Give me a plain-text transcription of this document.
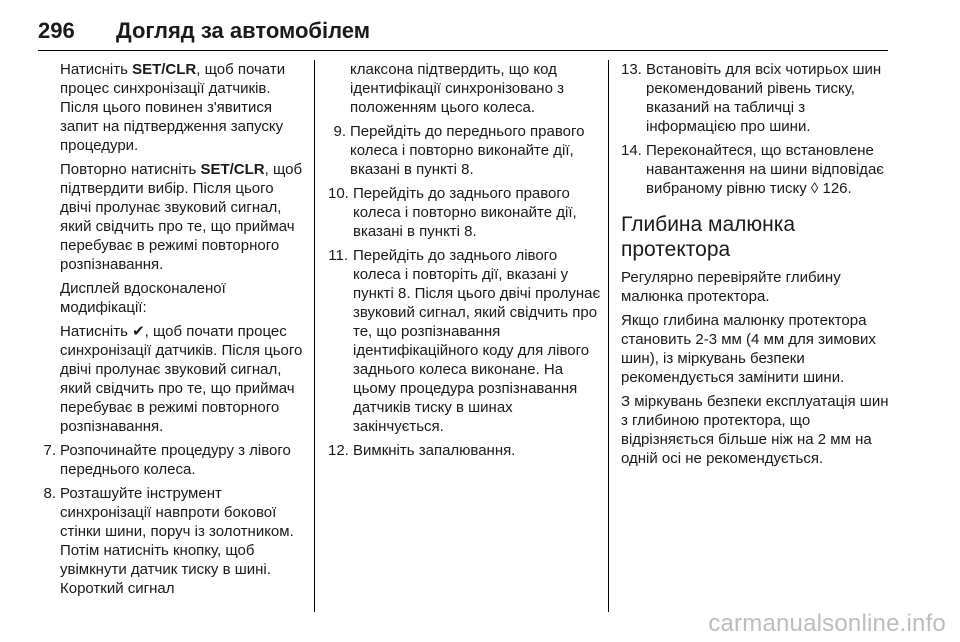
296 Догляд за автомобілем

Натисніть SET/CLR, щоб почати процес синхронізації датчиків. Після цього повинен з'явитися запит на підтвердження запуску процедури.

Повторно натисніть SET/CLR, щоб підтвердити вибір. Після цього двічі пролунає звуковий сигнал, який свідчить про те, що приймач перебуває в режимі повторного розпізнавання.

Дисплей вдосконаленої модифікації:

Натисніть ✔, щоб почати процес синхронізації датчиків. Після цього двічі пролунає звуковий сигнал, який свідчить про те, що приймач перебуває в режимі повторного розпізнавання.

7. Розпочинайте процедуру з лівого переднього колеса.
8. Розташуйте інструмент синхронізації навпроти бокової стінки шини, поруч із золотником. Потім натисніть кнопку, щоб увімкнути датчик тиску в шині. Короткий сигнал

клаксона підтвердить, що код ідентифікації синхронізовано з положенням цього колеса.

9. Перейдіть до переднього правого колеса і повторно виконайте дії, вказані в пункті 8.
10. Перейдіть до заднього правого колеса і повторно виконайте дії, вказані в пункті 8.
11. Перейдіть до заднього лівого колеса і повторіть дії, вказані у пункті 8. Після цього двічі пролунає звуковий сигнал, який свідчить про те, що розпізнавання ідентифікаційного коду для лівого заднього колеса виконане. На цьому процедура розпізнавання датчиків тиску в шинах закінчується.
12. Вимкніть запалювання.
13. Встановіть для всіх чотирьох шин рекомендований рівень тиску, вказаний на табличці з інформацією про шини.
14. Переконайтеся, що встановлене навантаження на шини відповідає вибраному рівню тиску ◊ 126.
Глибина малюнка протектора

Регулярно перевіряйте глибину малюнка протектора.

Якщо глибина малюнку протектора становить 2-3 мм (4 мм для зимових шин), із міркувань безпеки рекомендується замінити шини.

З міркувань безпеки експлуатація шин з глибиною протектора, що відрізняється більше ніж на 2 мм на одній осі не рекомендується.

carmanualsonline.info
